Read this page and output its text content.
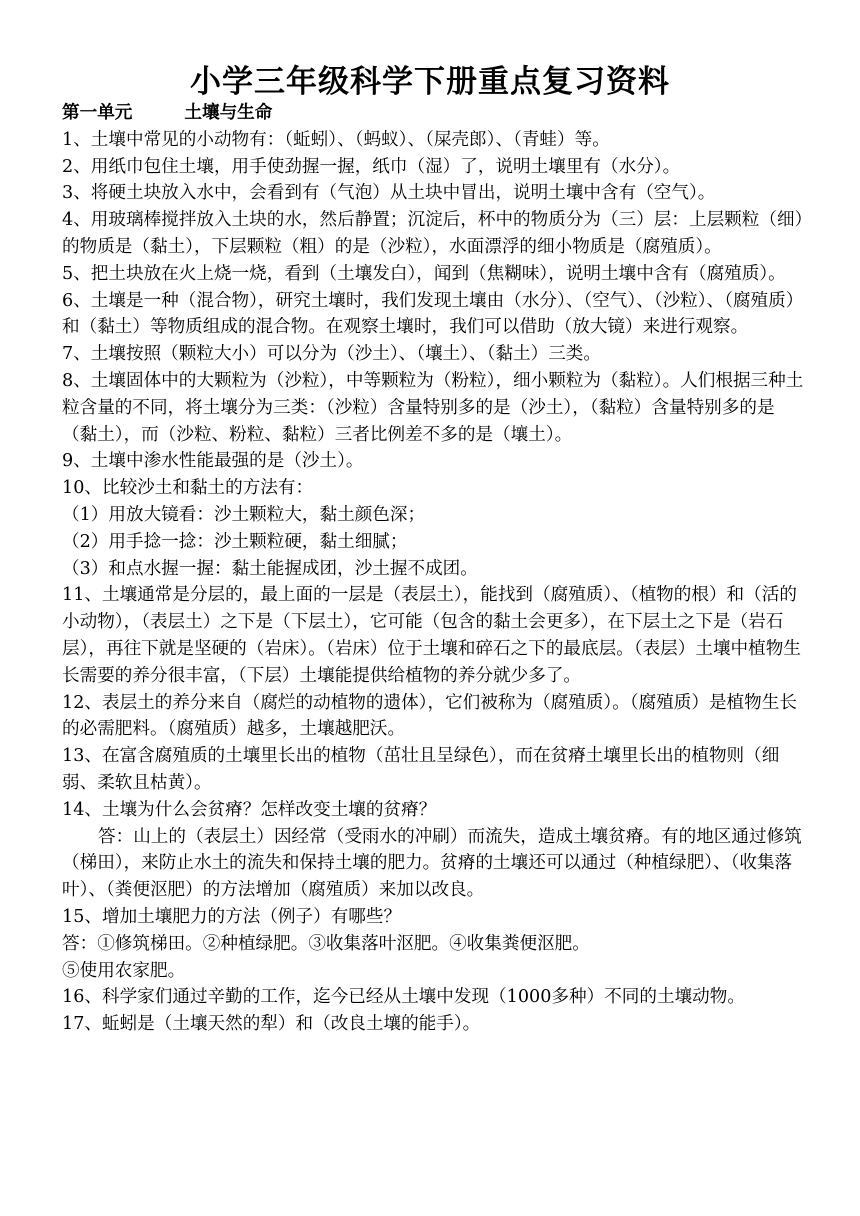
小学三年级科学下册重点复习资料

第一单元	土壤与生命

1、土壤中常见的小动物有：（蚯蚓）、（蚂蚁）、（屎壳郎）、（青蛙）等。

2、用纸巾包住土壤，用手使劲握一握，纸巾（湿）了，说明土壤里有（水分）。

3、将硬土块放入水中，会看到有（气泡）从土块中冒出，说明土壤中含有（空气）。

4、用玻璃棒搅拌放入土块的水，然后静置；沉淀后，杯中的物质分为（三）层：上层颗粒（细）的物质是（黏土），下层颗粒（粗）的是（沙粒），水面漂浮的细小物质是（腐殖质）。

5、把土块放在火上烧一烧，看到（土壤发白），闻到（焦糊味），说明土壤中含有（腐殖质）。

6、土壤是一种（混合物），研究土壤时，我们发现土壤由（水分）、（空气）、（沙粒）、（腐殖质）和（黏土）等物质组成的混合物。在观察土壤时，我们可以借助（放大镜）来进行观察。

7、土壤按照（颗粒大小）可以分为（沙土）、（壤土）、（黏土）三类。

8、土壤固体中的大颗粒为（沙粒），中等颗粒为（粉粒），细小颗粒为（黏粒）。人们根据三种土粒含量的不同，将土壤分为三类：（沙粒）含量特别多的是（沙土），（黏粒）含量特别多的是（黏土），而（沙粒、粉粒、黏粒）三者比例差不多的是（壤土）。

9、土壤中渗水性能最强的是（沙土）。

10、比较沙土和黏土的方法有：

（1）用放大镜看：沙土颗粒大，黏土颜色深；

（2）用手捻一捻：沙土颗粒硬，黏土细腻；

（3）和点水握一握：黏土能握成团，沙土握不成团。

11、土壤通常是分层的，最上面的一层是（表层土），能找到（腐殖质）、（植物的根）和（活的小动物），（表层土）之下是（下层土），它可能（包含的黏土会更多），在下层土之下是（岩石层），再往下就是坚硬的（岩床）。（岩床）位于土壤和碎石之下的最底层。（表层）土壤中植物生长需要的养分很丰富，（下层）土壤能提供给植物的养分就少多了。

12、表层土的养分来自（腐烂的动植物的遗体），它们被称为（腐殖质）。（腐殖质）是植物生长的必需肥料。（腐殖质）越多，土壤越肥沃。

13、在富含腐殖质的土壤里长出的植物（茁壮且呈绿色），而在贫瘠土壤里长出的植物则（细弱、柔软且枯黄）。

14、土壤为什么会贫瘠？怎样改变土壤的贫瘠？

答：山上的（表层土）因经常（受雨水的冲刷）而流失，造成土壤贫瘠。有的地区通过修筑（梯田），来防止水土的流失和保持土壤的肥力。贫瘠的土壤还可以通过（种植绿肥）、（收集落叶）、（粪便沤肥）的方法增加（腐殖质）来加以改良。

15、增加土壤肥力的方法（例子）有哪些？

答：①修筑梯田。②种植绿肥。③收集落叶沤肥。④收集粪便沤肥。

⑤使用农家肥。

16、科学家们通过辛勤的工作，迄今已经从土壤中发现（1000多种）不同的土壤动物。

17、蚯蚓是（土壤天然的犁）和（改良土壤的能手）。
